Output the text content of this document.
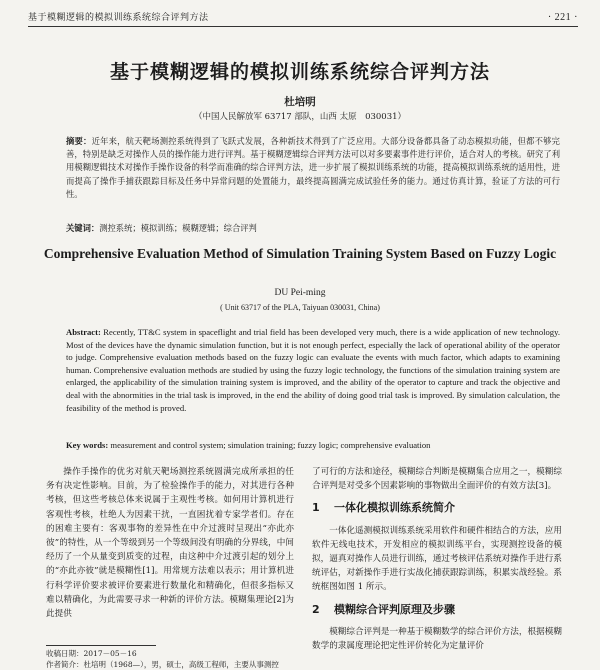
基于模糊逻辑的模拟训练系统综合评判方法	· 221 ·
基于模糊逻辑的模拟训练系统综合评判方法
杜培明
（中国人民解放军 63717 部队，山西 太原　030031）
摘要：近年来，航天靶场测控系统得到了飞跃式发展，各种新技术得到了广泛应用。大部分设备都具备了动态模拟功能，但都不够完善，特别是缺乏对操作人员的操作能力进行评判。基于模糊逻辑综合评判方法可以对多要素事件进行评价，适合对人的考核。研究了利用模糊逻辑技术对操作手操作设备的科学而准确的综合评判方法，进一步扩展了模拟训练系统的功能，提高模拟训练系统的适用性，进而提高了操作手捕获跟踪目标及任务中异常问题的处置能力，最终提高圆满完成试验任务的能力。通过仿真计算，验证了方法的可行性。
关键词：测控系统；模拟训练；模糊逻辑；综合评判
Comprehensive Evaluation Method of Simulation Training System Based on Fuzzy Logic
DU Pei-ming
( Unit 63717 of the PLA, Taiyuan 030031, China)
Abstract: Recently, TT&C system in spaceflight and trial field has been developed very much, there is a wide application of new technology. Most of the devices have the dynamic simulation function, but it is not enough perfect, especially the lack of operational ability of the operator to judge. Comprehensive evaluation methods based on the fuzzy logic can evaluate the events with much factor, which adapts to examining human. Comprehensive evaluation methods are studied by using the fuzzy logic technology, the functions of the simulation training system are enlarged, the applicability of the simulation training system is improved, and the ability of the operator to capture and track the objective and deal with the abnormities in the trial task is improved, in the end the ability of doing good trial task is improved. By simulation calculation, the feasibility of the method is proved.
Key words: measurement and control system; simulation training; fuzzy logic; comprehensive evaluation

操作手操作的优劣对航天靶场测控系统圆满完成所承担的任务有决定性影响。目前，为了检验操作手的能力，对其进行各种考核，但这些考核总体来说属于主观性考核。如何用计算机进行客观性考核，杜绝人为因素干扰，一直困扰着专家学者们。存在的困难主要有：客观事物的差异性在中介过渡时呈现出“亦此亦彼”的特性，从一个等级到另一个等级间没有明确的分界线，中间经历了一个从量变到质变的过程，由这种中介过渡引起的划分上的“亦此亦彼”就是模糊性[1]。用常规方法难以表示；用计算机进行科学评价要求被评价要素进行数量化和精确化，但很多指标又难以精确化，为此需要寻求一种新的评价方法。模糊集理论[2]为此提供

了可行的方法和途径，模糊综合判断是模糊集合应用之一，模糊综合评判是对受多个因素影响的事物做出全面评价的有效方法[3]。

1 一体化模拟训练系统简介

一体化遥测模拟训练系统采用软件和硬件相结合的方法，应用软件无线电技术，开发相应的模拟训练平台，实现测控设备的模拟，逼真对操作人员进行训练，通过考核评估系统对操作手进行系统评估，对新操作手进行实战化捕获跟踪训练，积累实战经验。系统框图如图 1 所示。

2 模糊综合评判原理及步骤

模糊综合评判是一种基于模糊数学的综合评价方法，根据模糊数学的隶属度理论把定性评价转化为定量评价

收稿日期：2017－05－16
作者简介：杜培明（1968—），男，硕士，高级工程师，主要从事测控
